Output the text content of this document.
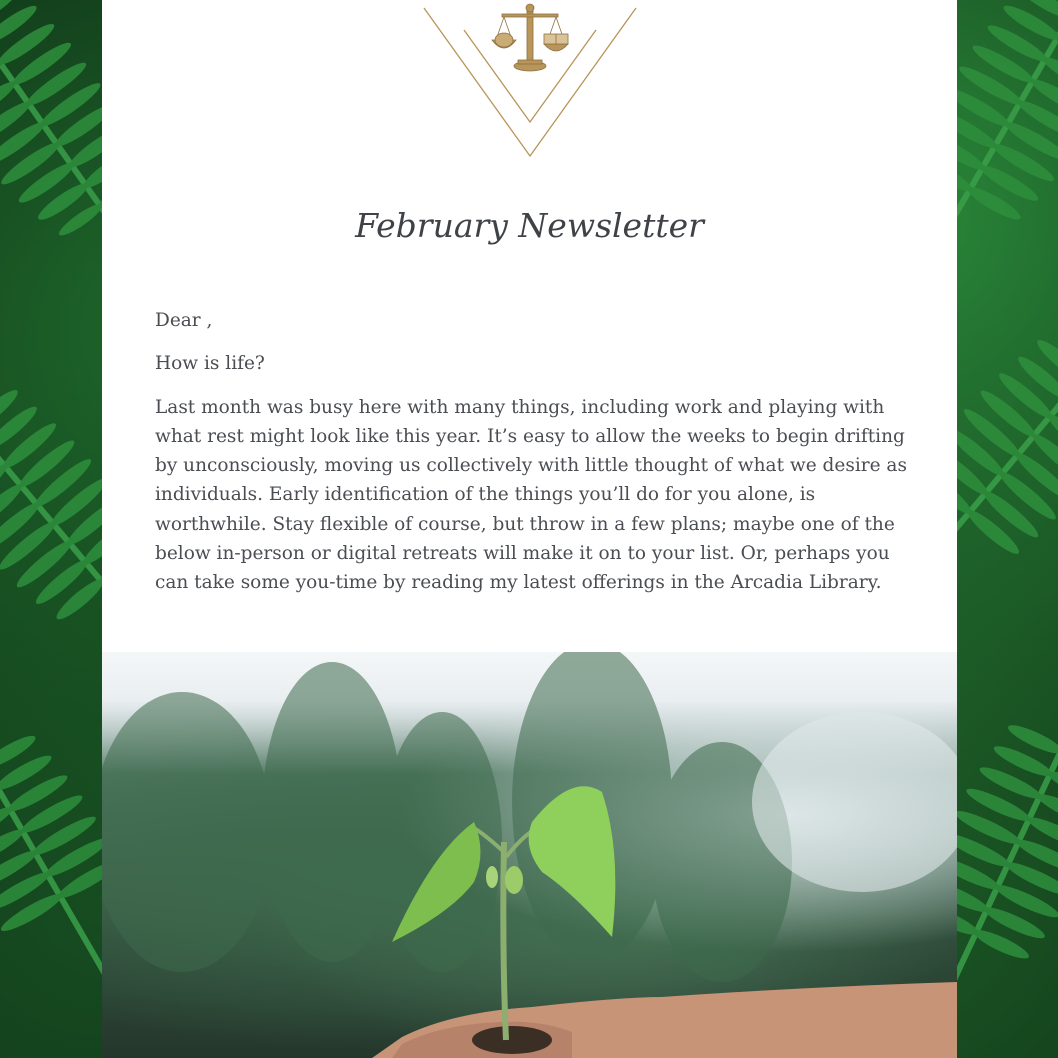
February Newsletter

Dear ,

How is life?

Last month was busy here with many things, including work and playing with what rest might look like this year. It’s easy to allow the weeks to begin drifting by unconsciously, moving us collectively with little thought of what we desire as individuals. Early identification of the things you’ll do for you alone, is worthwhile. Stay flexible of course, but throw in a few plans; maybe one of the below in-person or digital retreats will make it on to your list. Or, perhaps you can take some you-time by reading my latest offerings in the Arcadia Library.
